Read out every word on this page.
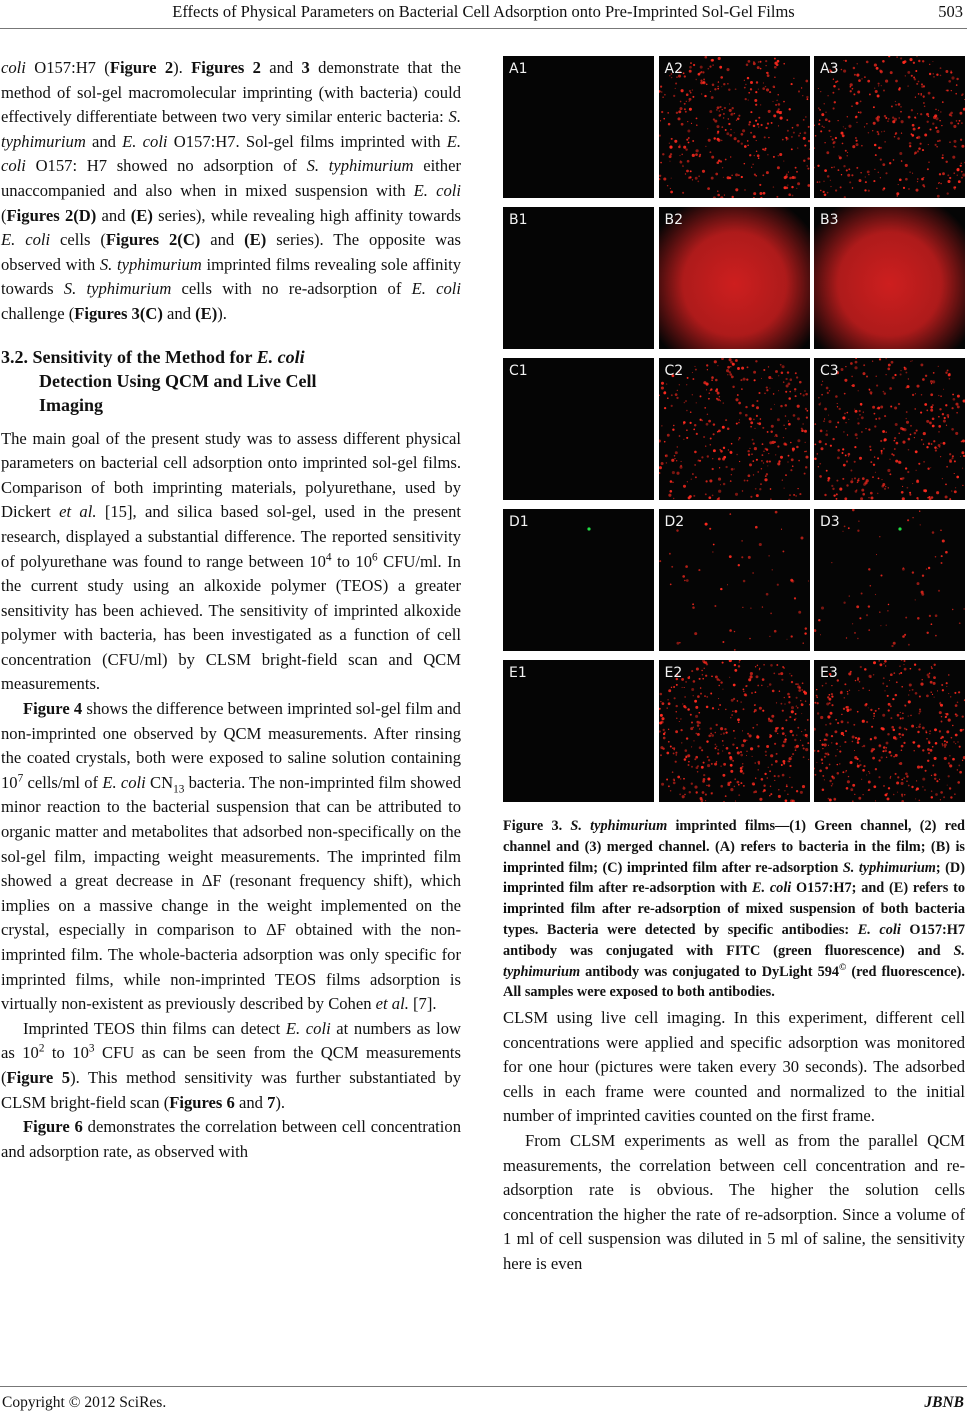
Effects of Physical Parameters on Bacterial Cell Adsorption onto Pre-Imprinted Sol-Gel Films	503

coli O157:H7 (Figure 2). Figures 2 and 3 demonstrate that the method of sol-gel macromolecular imprinting (with bacteria) could effectively differentiate between two very similar enteric bacteria: S. typhimurium and E. coli O157:H7. Sol-gel films imprinted with E. coli O157: H7 showed no adsorption of S. typhimurium either unaccompanied and also when in mixed suspension with E. coli (Figures 2(D) and (E) series), while revealing high affinity towards E. coli cells (Figures 2(C) and (E) series). The opposite was observed with S. typhimurium imprinted films revealing sole affinity towards S. typhimurium cells with no re-adsorption of E. coli challenge (Figures 3(C) and (E)).

3.2. Sensitivity of the Method for E. coli
Detection Using QCM and Live Cell
Imaging

The main goal of the present study was to assess different physical parameters on bacterial cell adsorption onto imprinted sol-gel films. Comparison of both imprinting materials, polyurethane, used by Dickert et al. [15], and silica based sol-gel, used in the present research, displayed a substantial difference. The reported sensitivity of polyurethane was found to range between $10^4$ to $10^6$ CFU/ml. In the current study using an alkoxide polymer (TEOS) a greater sensitivity has been achieved. The sensitivity of imprinted alkoxide polymer with bacteria, has been investigated as a function of cell concentration (CFU/ml) by CLSM bright-field scan and QCM measurements.

Figure 4 shows the difference between imprinted sol-gel film and non-imprinted one observed by QCM measurements. After rinsing the coated crystals, both were exposed to saline solution containing $10^7$ cells/ml of E. coli $CN_{13}$ bacteria. The non-imprinted film showed minor reaction to the bacterial suspension that can be attributed to organic matter and metabolites that adsorbed non-specifically on the sol-gel film, impacting weight measurements. The imprinted film showed a great decrease in ΔF (resonant frequency shift), which implies on a massive change in the weight implemented on the crystal, especially in comparison to ΔF obtained with the non-imprinted film. The whole-bacteria adsorption was only specific for imprinted films, while non-imprinted TEOS films adsorption is virtually non-existent as previously described by Cohen et al. [7].

Imprinted TEOS thin films can detect E. coli at numbers as low as $10^2$ to $10^3$ CFU as can be seen from the QCM measurements (Figure 5). This method sensitivity was further substantiated by CLSM bright-field scan (Figures 6 and 7).

Figure 6 demonstrates the correlation between cell concentration and adsorption rate, as observed with

A1	A2	A3
B1	B2	B3
C1	C2	C3
D1	D2	D3
E1	E2	E3

Figure 3. S. typhimurium imprinted films—(1) Green channel, (2) red channel and (3) merged channel. (A) refers to bacteria in the film; (B) is imprinted film; (C) imprinted film after re-adsorption S. typhimurium; (D) imprinted film after re-adsorption with E. coli O157:H7; and (E) refers to imprinted film after re-adsorption of mixed suspension of both bacteria types. Bacteria were detected by specific antibodies: E. coli O157:H7 antibody was conjugated with FITC (green fluorescence) and S. typhimurium antibody was conjugated to DyLight 594© (red fluorescence). All samples were exposed to both antibodies.

CLSM using live cell imaging. In this experiment, different cell concentrations were applied and specific adsorption was monitored for one hour (pictures were taken every 30 seconds). The adsorbed cells in each frame were counted and normalized to the initial number of imprinted cavities counted on the first frame.

From CLSM experiments as well as from the parallel QCM measurements, the correlation between cell concentration and re-adsorption rate is obvious. The higher the solution cells concentration the higher the rate of re-adsorption. Since a volume of 1 ml of cell suspension was diluted in 5 ml of saline, the sensitivity here is even

Copyright © 2012 SciRes.	JBNB
